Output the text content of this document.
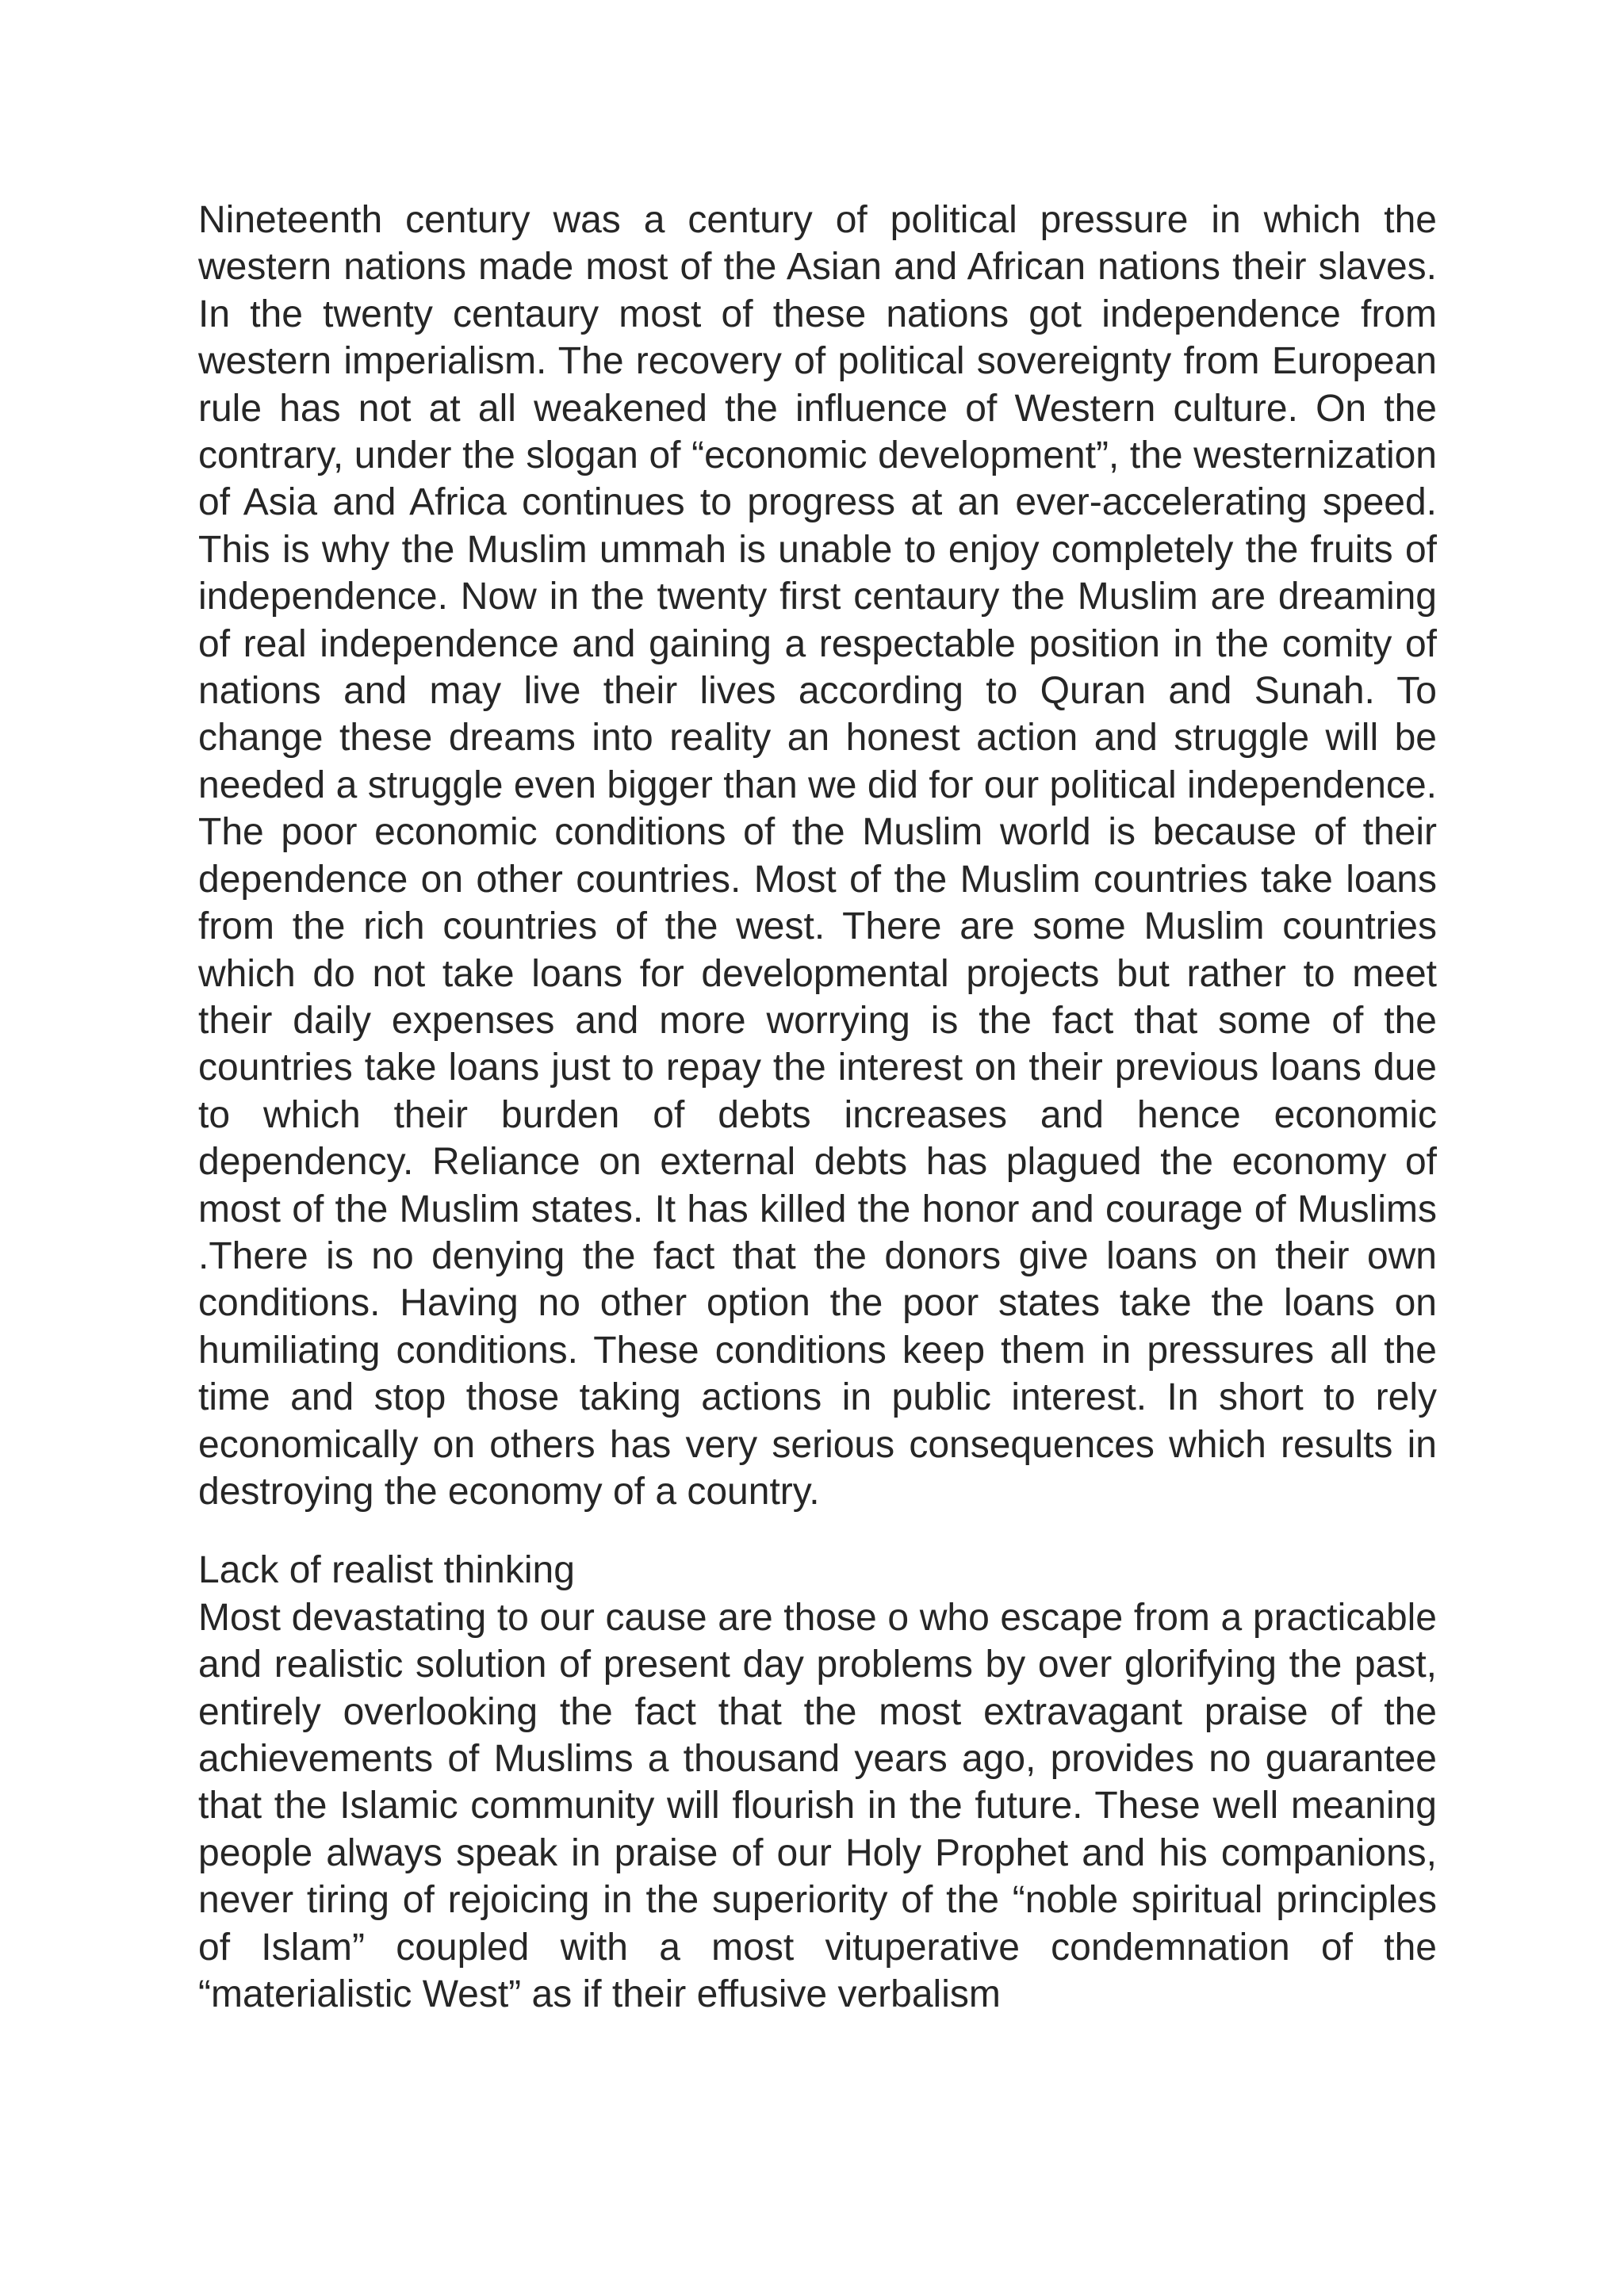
Nineteenth century was a century of political pressure in which the western nations made most of the Asian and African nations their slaves. In the twenty centaury most of these nations got independence from western imperialism. The recovery of political sovereignty from European rule has not at all weakened the influence of Western culture. On the contrary, under the slogan of “economic development”, the westernization of Asia and Africa continues to progress at an ever-accelerating speed. This is why the Muslim ummah is unable to enjoy completely the fruits of independence. Now in the twenty first centaury the Muslim are dreaming of real independence and gaining a respectable position in the comity of nations and may live their lives according to Quran and Sunah. To change these dreams into reality an honest action and struggle will be needed a struggle even bigger than we did for our political independence. The poor economic conditions of the Muslim world is because of their dependence on other countries. Most of the Muslim countries take loans from the rich countries of the west. There are some Muslim countries which do not take loans for developmental projects but rather to meet their daily expenses and more worrying is the fact that some of the countries take loans just to repay the interest on their previous loans due to which their burden of debts increases and hence economic dependency. Reliance on external debts has plagued the economy of most of the Muslim states. It has killed the honor and courage of Muslims .There is no denying the fact that the donors give loans on their own conditions. Having no other option the poor states take the loans on humiliating conditions. These conditions keep them in pressures all the time and stop those taking actions in public interest. In short to rely economically on others has very serious consequences which results in destroying the economy of a country.

Lack of realist thinking

Most devastating to our cause are those o who escape from a practicable and realistic solution of present day problems by over glorifying the past, entirely overlooking the fact that the most extravagant praise of the achievements of Muslims a thousand years ago, provides no guarantee that the Islamic community will flourish in the future. These well meaning people always speak in praise of our Holy Prophet and his companions, never tiring of rejoicing in the superiority of the “noble spiritual principles of Islam” coupled with a most vituperative condemnation of the “materialistic West” as if their effusive verbalism
